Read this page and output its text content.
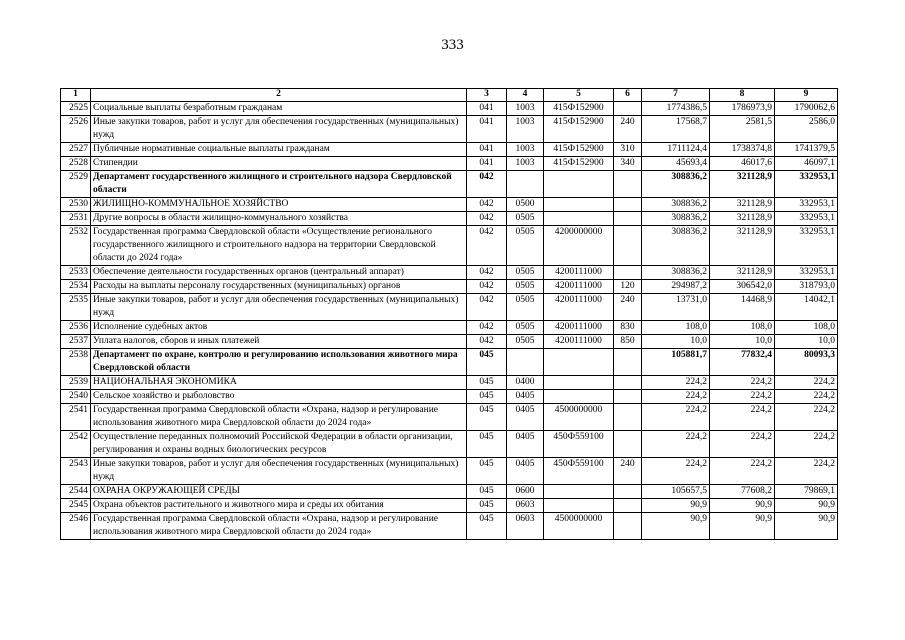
333
1	2	3	4	5	6	7	8	9
2525	Социальные выплаты безработным гражданам	041	1003	415Ф152900		1774386,5	1786973,9	1790062,6
2526	Иные закупки товаров, работ и услуг для обеспечения государственных (муниципальных) нужд	041	1003	415Ф152900	240	17568,7	2581,5	2586,0
2527	Публичные нормативные социальные выплаты гражданам	041	1003	415Ф152900	310	1711124,4	1738374,8	1741379,5
2528	Стипендии	041	1003	415Ф152900	340	45693,4	46017,6	46097,1
2529	Департамент государственного жилищного и строительного надзора Свердловской области	042				308836,2	321128,9	332953,1
2530	ЖИЛИЩНО-КОММУНАЛЬНОЕ ХОЗЯЙСТВО	042	0500			308836,2	321128,9	332953,1
2531	Другие вопросы в области жилищно-коммунального хозяйства	042	0505			308836,2	321128,9	332953,1
2532	Государственная программа Свердловской области «Осуществление регионального государственного жилищного и строительного надзора на территории Свердловской области до 2024 года»	042	0505	4200000000		308836,2	321128,9	332953,1
2533	Обеспечение деятельности государственных органов (центральный аппарат)	042	0505	4200111000		308836,2	321128,9	332953,1
2534	Расходы на выплаты персоналу государственных (муниципальных) органов	042	0505	4200111000	120	294987,2	306542,0	318793,0
2535	Иные закупки товаров, работ и услуг для обеспечения государственных (муниципальных) нужд	042	0505	4200111000	240	13731,0	14468,9	14042,1
2536	Исполнение судебных актов	042	0505	4200111000	830	108,0	108,0	108,0
2537	Уплата налогов, сборов и иных платежей	042	0505	4200111000	850	10,0	10,0	10,0
2538	Департамент по охране, контролю и регулированию использования животного мира Свердловской области	045				105881,7	77832,4	80093,3
2539	НАЦИОНАЛЬНАЯ ЭКОНОМИКА	045	0400			224,2	224,2	224,2
2540	Сельское хозяйство и рыболовство	045	0405			224,2	224,2	224,2
2541	Государственная программа Свердловской области «Охрана, надзор и регулирование использования животного мира Свердловской области до 2024 года»	045	0405	4500000000		224,2	224,2	224,2
2542	Осуществление переданных полномочий Российской Федерации в области организации, регулирования и охраны водных биологических ресурсов	045	0405	450Ф559100		224,2	224,2	224,2
2543	Иные закупки товаров, работ и услуг для обеспечения государственных (муниципальных) нужд	045	0405	450Ф559100	240	224,2	224,2	224,2
2544	ОХРАНА ОКРУЖАЮЩЕЙ СРЕДЫ	045	0600			105657,5	77608,2	79869,1
2545	Охрана объектов растительного и животного мира и среды их обитания	045	0603			90,9	90,9	90,9
2546	Государственная программа Свердловской области «Охрана, надзор и регулирование использования животного мира Свердловской области до 2024 года»	045	0603	4500000000		90,9	90,9	90,9
